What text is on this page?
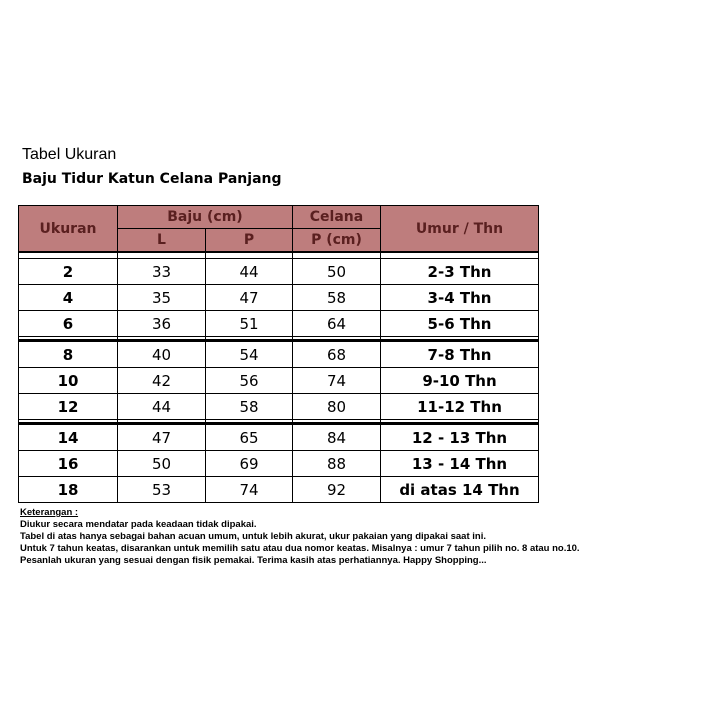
Tabel Ukuran
Baju Tidur Katun Celana Panjang
Ukuran	Baju (cm)		Celana	Umur / Thn
	L	P	P (cm)	

2	33	44	50	2-3 Thn
4	35	47	58	3-4 Thn
6	36	51	64	5-6 Thn

8	40	54	68	7-8 Thn
10	42	56	74	9-10 Thn
12	44	58	80	11-12 Thn

14	47	65	84	12 - 13 Thn
16	50	69	88	13 - 14 Thn
18	53	74	92	di atas 14 Thn
Keterangan :
Diukur secara mendatar pada keadaan tidak dipakai.
Tabel di atas hanya sebagai bahan acuan umum, untuk lebih akurat, ukur pakaian yang dipakai saat ini.
Untuk 7 tahun keatas, disarankan untuk memilih satu atau dua nomor keatas. Misalnya : umur 7 tahun pilih no. 8 atau no.10.
Pesanlah ukuran yang sesuai dengan fisik pemakai. Terima kasih atas perhatiannya. Happy Shopping...
